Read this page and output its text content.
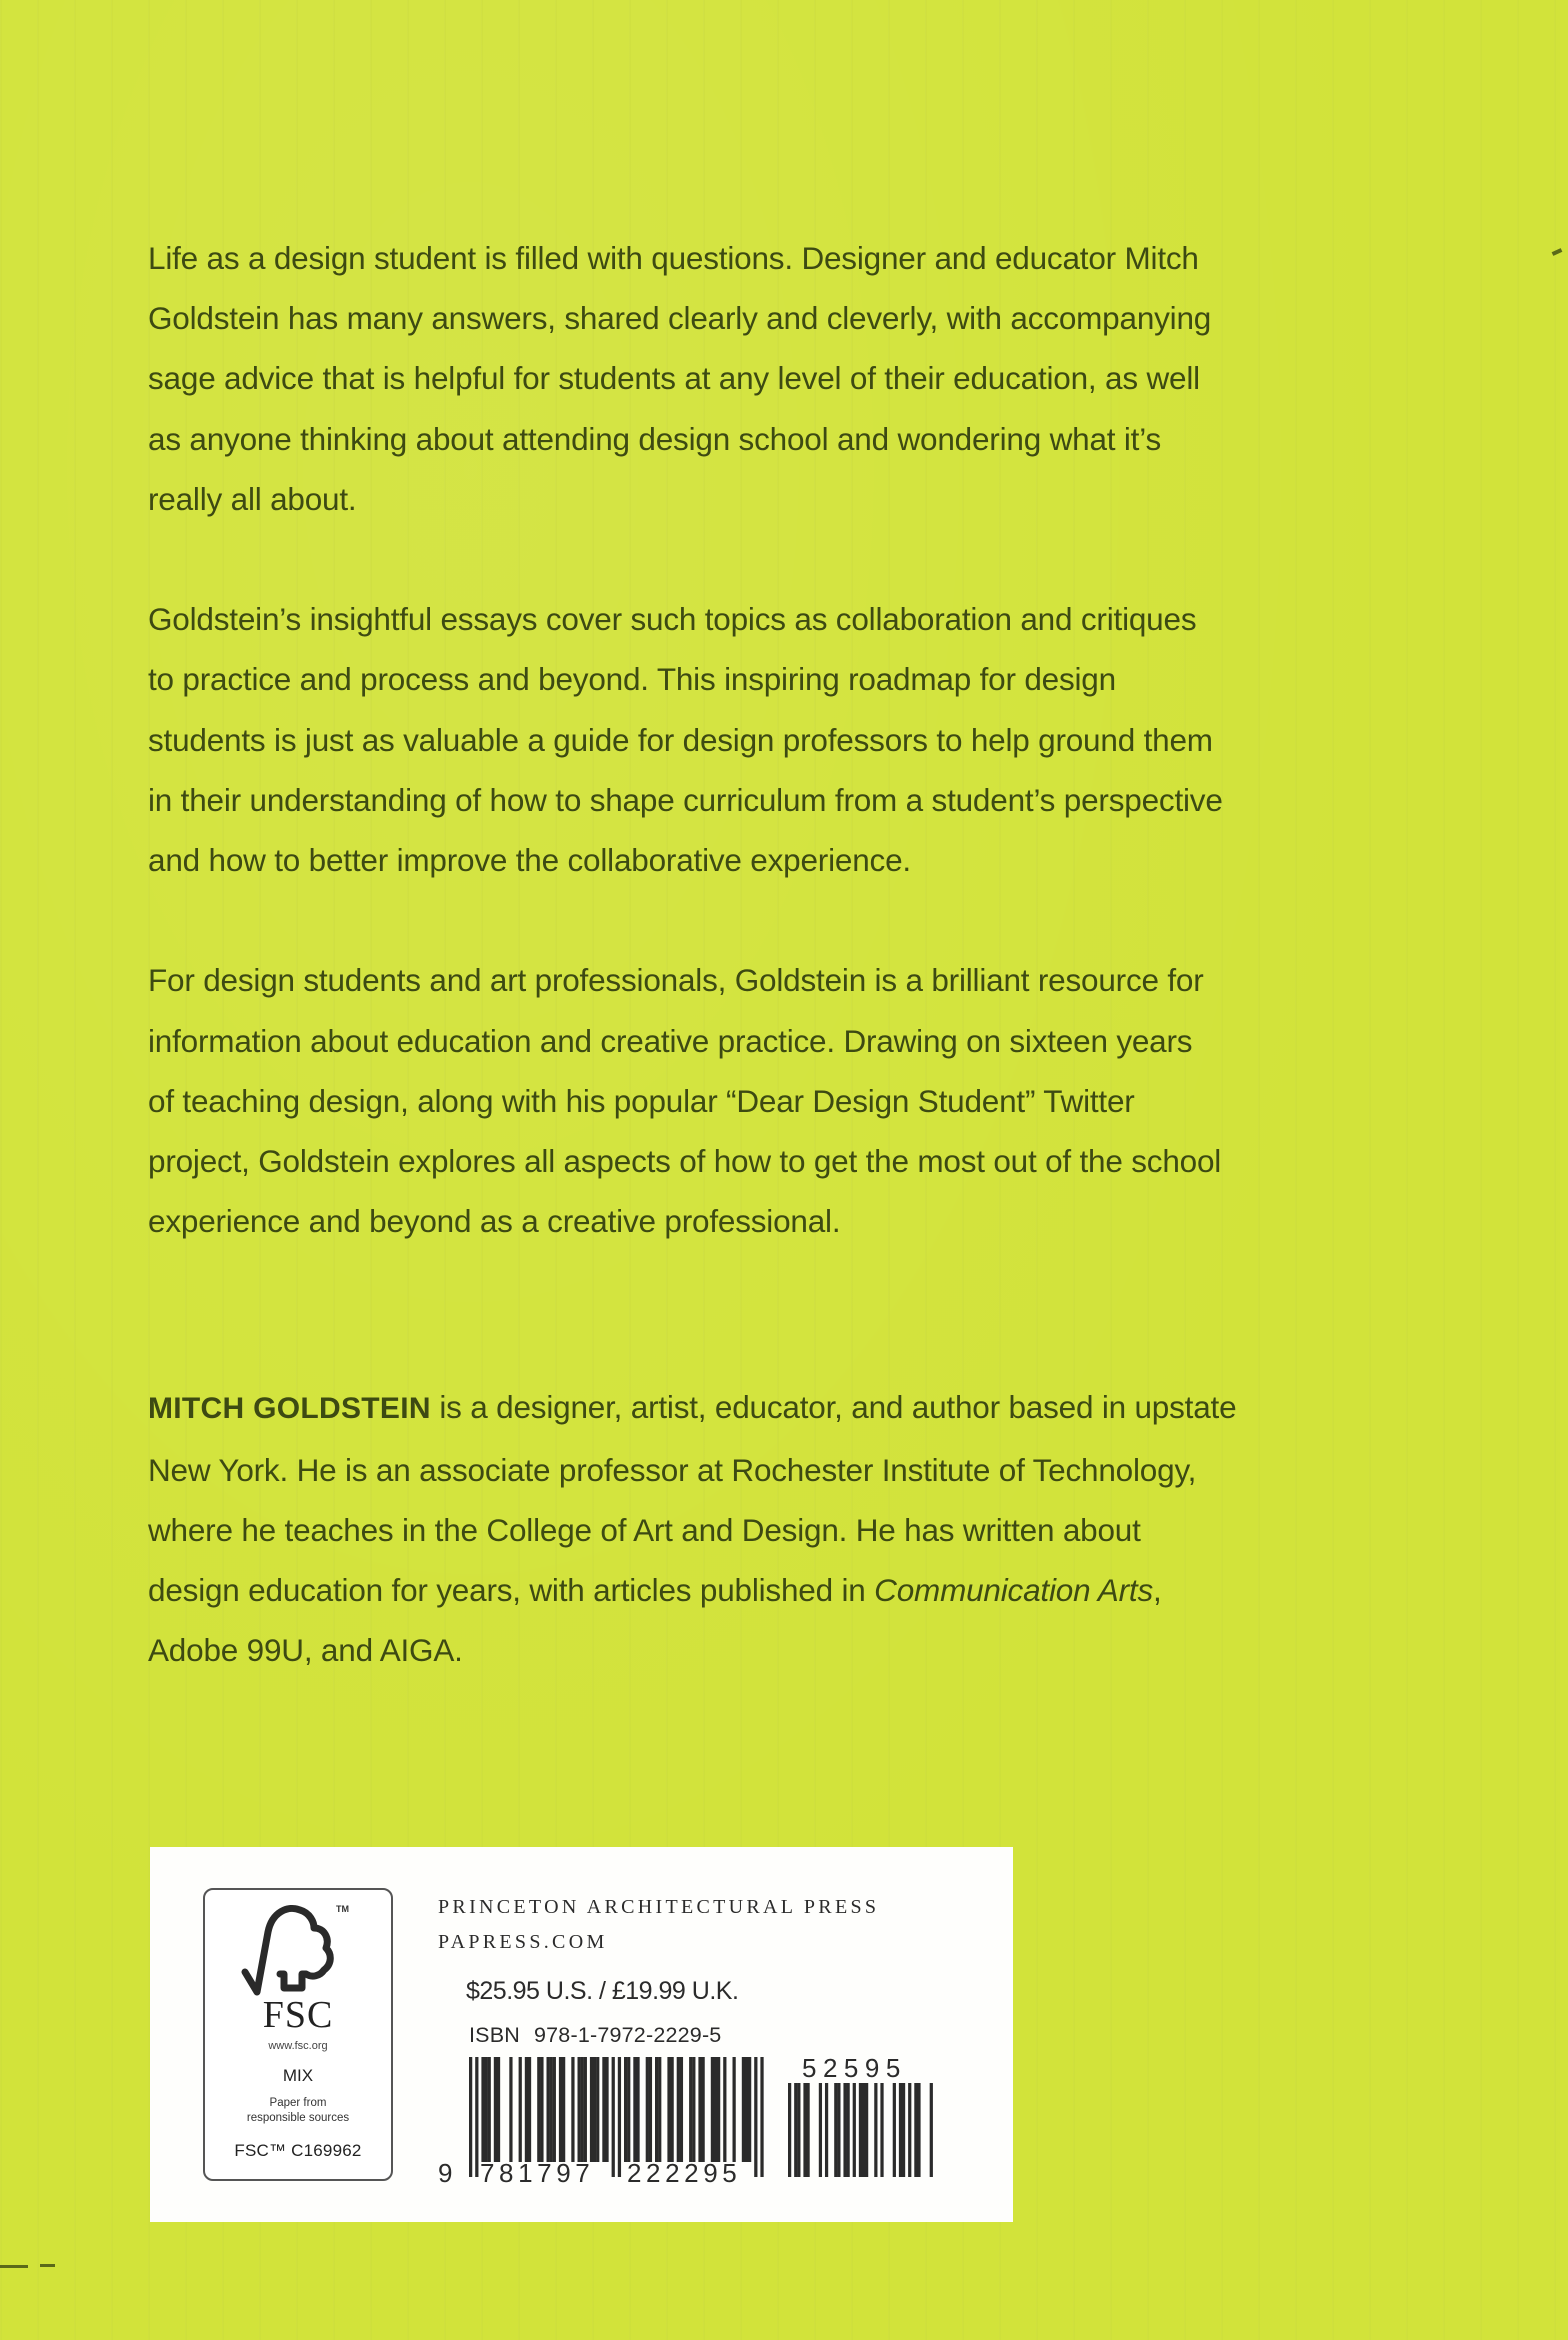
Life as a design student is filled with questions. Designer and educator Mitch
Goldstein has many answers, shared clearly and cleverly, with accompanying
sage advice that is helpful for students at any level of their education, as well
as anyone thinking about attending design school and wondering what it’s
really all about.

Goldstein’s insightful essays cover such topics as collaboration and critiques
to practice and process and beyond. This inspiring roadmap for design
students is just as valuable a guide for design professors to help ground them
in their understanding of how to shape curriculum from a student’s perspective
and how to better improve the collaborative experience.

For design students and art professionals, Goldstein is a brilliant resource for
information about education and creative practice. Drawing on sixteen years
of teaching design, along with his popular “Dear Design Student” Twitter
project, Goldstein explores all aspects of how to get the most out of the school
experience and beyond as a creative professional.

MITCH GOLDSTEIN is a designer, artist, educator, and author based in upstate
New York. He is an associate professor at Rochester Institute of Technology,
where he teaches in the College of Art and Design. He has written about
design education for years, with articles published in Communication Arts,
Adobe 99U, and AIGA.

TM
FSC
www.fsc.org
MIX
Paper from
responsible sources
FSC™ C169962
PRINCETON ARCHITECTURAL PRESS
PAPRESS.COM
$25.95 U.S. / £19.99 U.K.
ISBN 978-1-7972-2229-5
9 781797 222295
52595
